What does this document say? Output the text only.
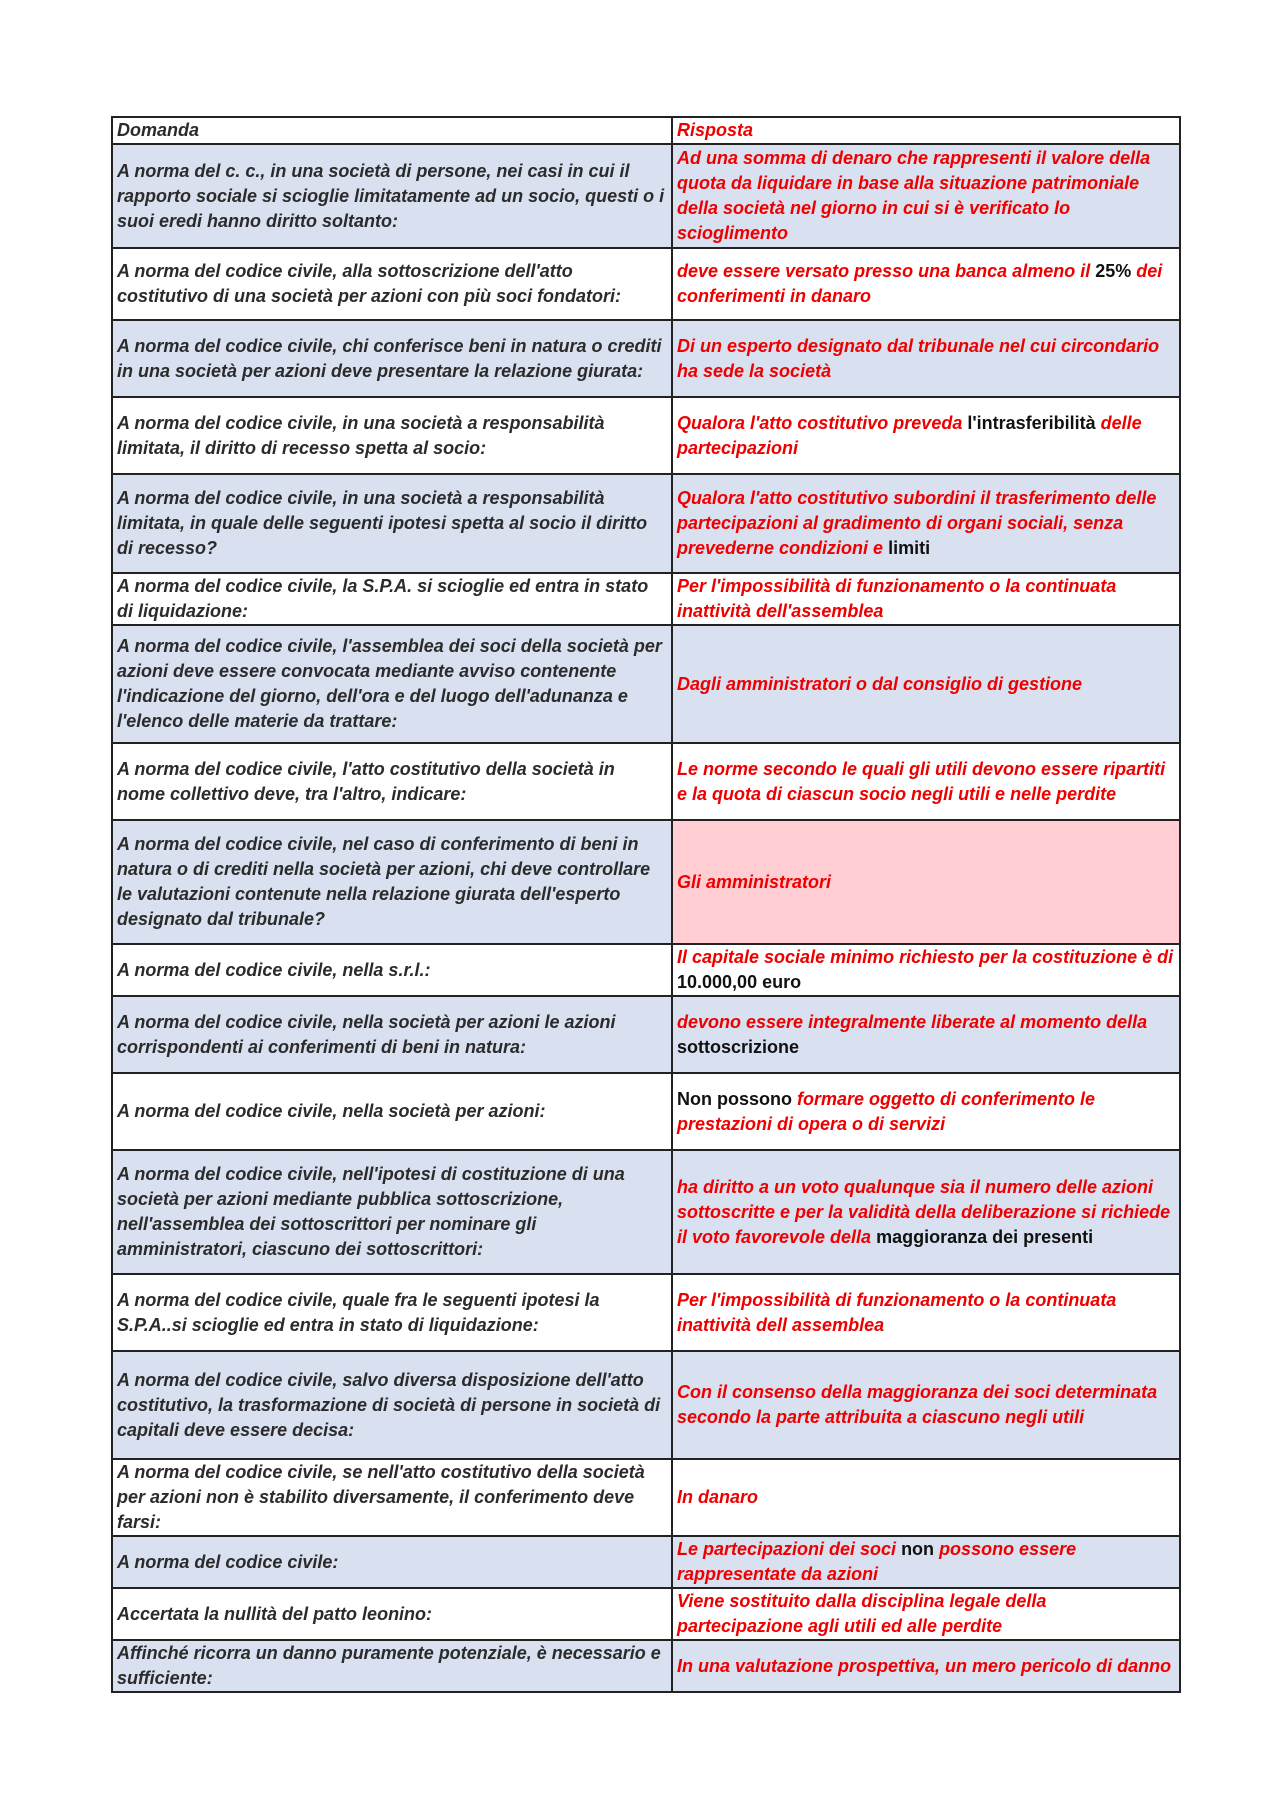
Domanda	Risposta
A norma del c. c., in una società di persone, nei casi in cui il rapporto sociale si scioglie limitatamente ad un socio, questi o i suoi eredi hanno diritto soltanto:	Ad una somma di denaro che rappresenti il valore della quota da liquidare in base alla situazione patrimoniale della società nel giorno in cui si è verificato lo scioglimento
A norma del codice civile, alla sottoscrizione dell'atto costitutivo di una società per azioni con più soci fondatori:	deve essere versato presso una banca almeno il 25% dei conferimenti in danaro
A norma del codice civile, chi conferisce beni in natura o crediti in una società per azioni deve presentare la relazione giurata:	Di un esperto designato dal tribunale nel cui circondario ha sede la società
A norma del codice civile, in una società a responsabilità limitata, il diritto di recesso spetta al socio:	Qualora l'atto costitutivo preveda l'intrasferibilità delle partecipazioni
A norma del codice civile, in una società a responsabilità limitata, in quale delle seguenti ipotesi spetta al socio il diritto di recesso?	Qualora l'atto costitutivo subordini il trasferimento delle partecipazioni al gradimento di organi sociali, senza prevederne condizioni e limiti
A norma del codice civile, la S.P.A. si scioglie ed entra in stato di liquidazione:	Per l'impossibilità di funzionamento o la continuata inattività dell'assemblea
A norma del codice civile, l'assemblea dei soci della società per azioni deve essere convocata mediante avviso contenente l'indicazione del giorno, dell'ora e del luogo dell'adunanza e l'elenco delle materie da trattare:	Dagli amministratori o dal consiglio di gestione
A norma del codice civile, l'atto costitutivo della società in nome collettivo deve, tra l'altro, indicare:	Le norme secondo le quali gli utili devono essere ripartiti e la quota di ciascun socio negli utili e nelle perdite
A norma del codice civile, nel caso di conferimento di beni in natura o di crediti nella società per azioni, chi deve controllare le valutazioni contenute nella relazione giurata dell'esperto designato dal tribunale?	Gli amministratori
A norma del codice civile, nella s.r.l.:	Il capitale sociale minimo richiesto per la costituzione è di 10.000,00 euro
A norma del codice civile, nella società per azioni le azioni corrispondenti ai conferimenti di beni in natura:	devono essere integralmente liberate al momento della sottoscrizione
A norma del codice civile, nella società per azioni:	Non possono formare oggetto di conferimento le prestazioni di opera o di servizi
A norma del codice civile, nell'ipotesi di costituzione di una società per azioni mediante pubblica sottoscrizione, nell'assemblea dei sottoscrittori per nominare gli amministratori, ciascuno dei sottoscrittori:	ha diritto a un voto qualunque sia il numero delle azioni sottoscritte e per la validità della deliberazione si richiede il voto favorevole della maggioranza dei presenti
A norma del codice civile, quale fra le seguenti ipotesi la S.P.A..si scioglie ed entra in stato di liquidazione:	Per l'impossibilità di funzionamento o la continuata inattività dell assemblea
A norma del codice civile, salvo diversa disposizione dell'atto costitutivo, la trasformazione di società di persone in società di capitali deve essere decisa:	Con il consenso della maggioranza dei soci determinata secondo la parte attribuita a ciascuno negli utili
A norma del codice civile, se nell'atto costitutivo della società per azioni non è stabilito diversamente, il conferimento deve farsi:	In danaro
A norma del codice civile:	Le partecipazioni dei soci non possono essere rappresentate da azioni
Accertata la nullità del patto leonino:	Viene sostituito dalla disciplina legale della partecipazione agli utili ed alle perdite
Affinché ricorra un danno puramente potenziale, è necessario e sufficiente:	In una valutazione prospettiva, un mero pericolo di danno
